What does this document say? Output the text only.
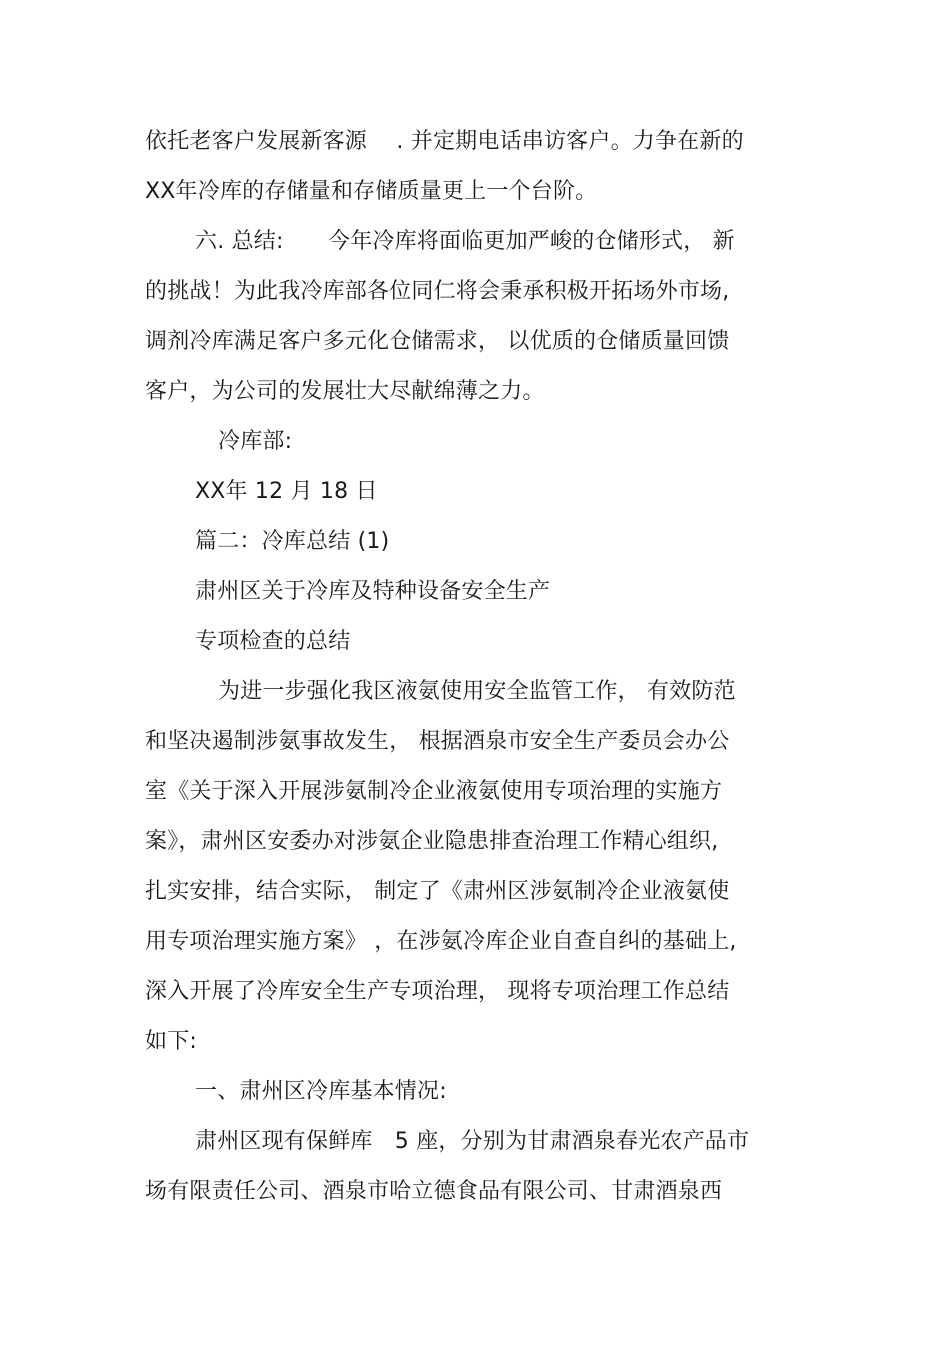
依托老客户发展新客源　 . 并定期电话串访客户。力争在新的
XX年冷库的存储量和存储质量更上一个台阶。
六. 总结:　　今年冷库将面临更加严峻的仓储形式， 新
的挑战！为此我冷库部各位同仁将会秉承积极开拓场外市场,
调剂冷库满足客户多元化仓储需求， 以优质的仓储质量回馈
客户，为公司的发展壮大尽献绵薄之力。
冷库部:
XX年 12 月 18 日
篇二：冷库总结 (1)
肃州区关于冷库及特种设备安全生产
专项检查的总结
为进一步强化我区液氨使用安全监管工作， 有效防范
和坚决遏制涉氨事故发生， 根据酒泉市安全生产委员会办公
室《关于深入开展涉氨制冷企业液氨使用专项治理的实施方
案》，肃州区安委办对涉氨企业隐患排查治理工作精心组织,
扎实安排，结合实际， 制定了《肃州区涉氨制冷企业液氨使
用专项治理实施方案》 ，在涉氨冷库企业自查自纠的基础上,
深入开展了冷库安全生产专项治理， 现将专项治理工作总结
如下:
一、肃州区冷库基本情况:
肃州区现有保鲜库　5 座，分别为甘肃酒泉春光农产品市
场有限责任公司、酒泉市哈立德食品有限公司、甘肃酒泉西
